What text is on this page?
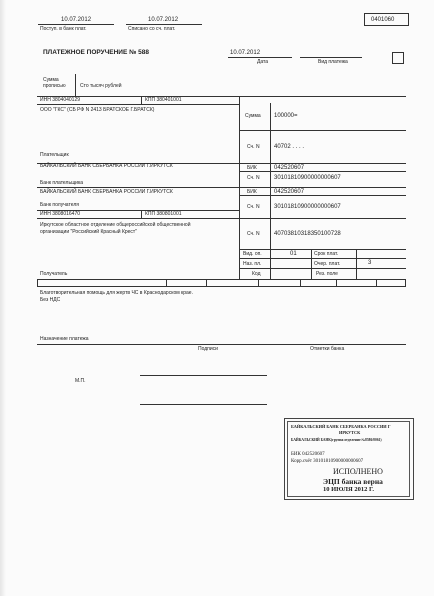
10.07.2012
Поступ. в банк плат.
10.07.2012
Списано со сч. плат.
0401060
ПЛАТЕЖНОЕ ПОРУЧЕНИЕ № 588	10.07.2012
Дата	Вид платежа
Сумма
прописью	Сто тысяч рублей
ИНН 3804040129	КПП 380401001
ООО "ГКС" (СБ РФ N 2413 БРАТСКОЕ Г.БРАТСК)
Плательщик
БАЙКАЛЬСКИЙ БАНК СБЕРБАНКА РОССИИ Г.ИРКУТСК
Банк плательщика
БАЙКАЛЬСКИЙ БАНК СБЕРБАНКА РОССИИ Г.ИРКУТСК
Банк получателя
ИНН 3808016470	КПП 380801001
Иркутское областное отделение общероссийской общественной
организации "Российский Красный Крест"
Получатель
Сумма 100000=
Сч. N 40702 . . . .
БИК	042520607
Сч. N 30101810900000000607
БИК	042520607
Сч. N 30101810900000000607
Сч. N 40703810318350100728
Вид. оп.	01
Наз. пл.
Код
Срок плат.
Очер. плат.	3
Рез. поле
Благотворительная помощь для жертв ЧС в Краснодарском крае.
Без НДС
Назначение платежа
Подписи	Отметки банка
М.П.
БАЙКАЛЬСКИЙ БАНК СБЕРБАНКА РОССИИ Г
ИРКУТСК
БАЙКАЛЬСКИЙ БАНК(группа отделение №8586/0061)
БИК 042520607
Корр.счёт 30101810900000000607
ИСПОЛНЕНО
ЭЦП банка верна
10 ИЮЛЯ 2012 Г.
